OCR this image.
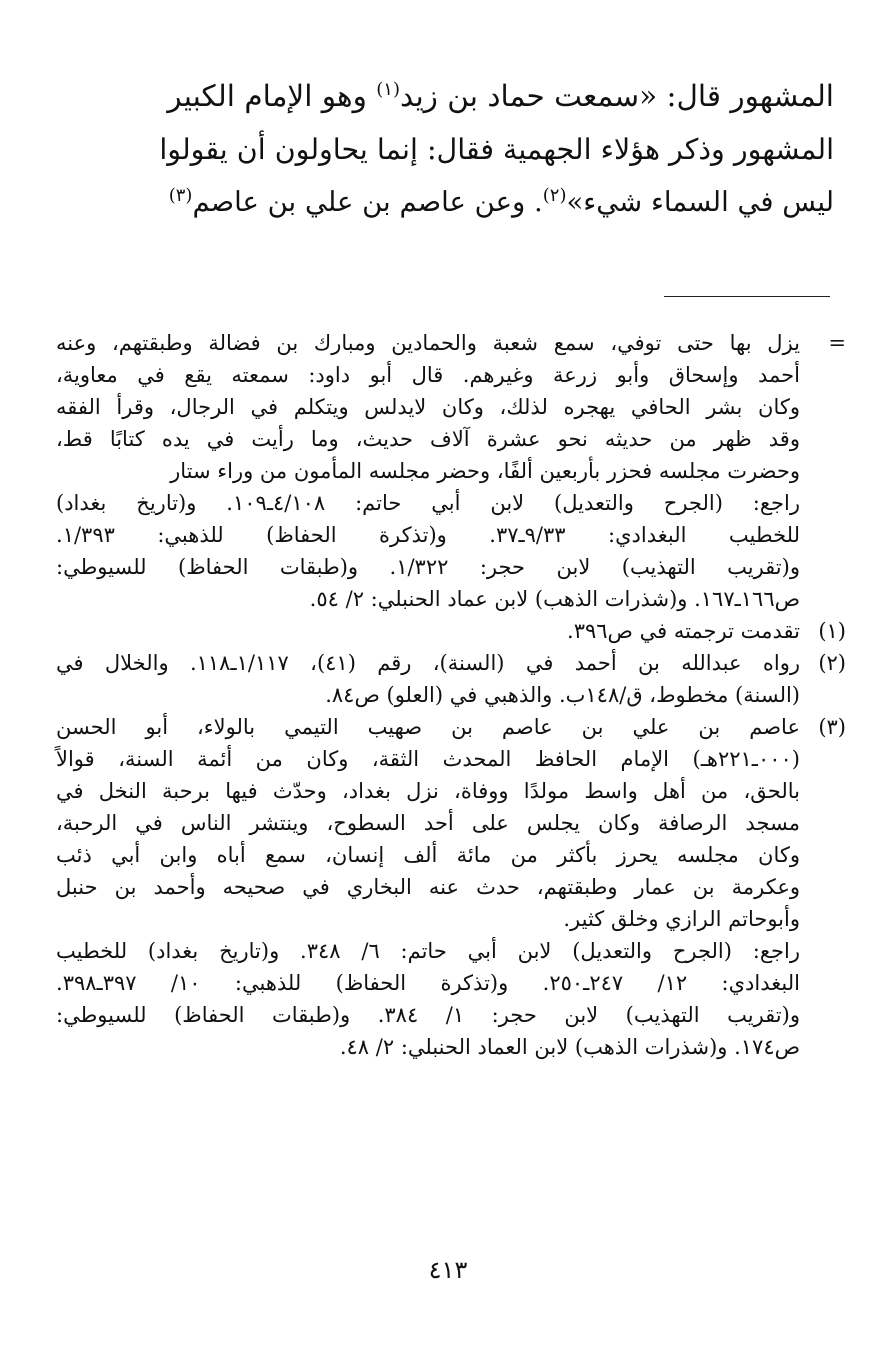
المشهور قال: «سمعت حماد بن زيد$^{(١)}$ وهو الإمام الكبير
المشهور وذكر هؤلاء الجهمية فقال: إنما يحاولون أن يقولوا
ليس في السماء شيء»$^{(٢)}$. وعن عاصم بن علي بن عاصم$^{(٣)}$
=
يزل بها حتى توفي، سمع شعبة والحمادين ومبارك بن فضالة وطبقتهم، وعنه
أحمد وإسحاق وأبو زرعة وغيرهم. قال أبو داود: سمعته يقع في معاوية،
وكان بشر الحافي يهجره لذلك، وكان لايدلس ويتكلم في الرجال، وقرأ الفقه
وقد ظهر من حديثه نحو عشرة آلاف حديث، وما رأيت في يده كتابًا قط،
وحضرت مجلسه فحزر بأربعين ألفًا، وحضر مجلسه المأمون من وراء ستار
راجع: (الجرح والتعديل) لابن أبي حاتم: ٤/١٠٨ـ١٠٩. و(تاريخ بغداد)
للخطيب البغدادي: ٩/٣٣ـ٣٧. و(تذكرة الحفاظ) للذهبي: ١/٣٩٣.
و(تقريب التهذيب) لابن حجر: ١/٣٢٢. و(طبقات الحفاظ) للسيوطي:
ص١٦٦ـ١٦٧. و(شذرات الذهب) لابن عماد الحنبلي: ٢/ ٥٤.
(١)
تقدمت ترجمته في ص٣٩٦.
(٢)
رواه عبدالله بن أحمد في (السنة)، رقم (٤١)، ١/١١٧ـ١١٨. والخلال في
(السنة) مخطوط، ق/١٤٨ب. والذهبي في (العلو) ص٨٤.
(٣)
عاصم بن علي بن عاصم بن صهيب التيمي بالولاء، أبو الحسن
(٠٠٠ـ٢٢١هـ) الإمام الحافظ المحدث الثقة، وكان من أئمة السنة، قوالاً
بالحق، من أهل واسط مولدًا ووفاة، نزل بغداد، وحدّث فيها برحبة النخل في
مسجد الرصافة وكان يجلس على أحد السطوح، وينتشر الناس في الرحبة،
وكان مجلسه يحرز بأكثر من مائة ألف إنسان، سمع أباه وابن أبي ذئب
وعكرمة بن عمار وطبقتهم، حدث عنه البخاري في صحيحه وأحمد بن حنبل
وأبوحاتم الرازي وخلق كثير.
راجع: (الجرح والتعديل) لابن أبي حاتم: ٦/ ٣٤٨. و(تاريخ بغداد) للخطيب
البغدادي: ١٢/ ٢٤٧ـ٢٥٠. و(تذكرة الحفاظ) للذهبي: ١٠/ ٣٩٧ـ٣٩٨.
و(تقريب التهذيب) لابن حجر: ١/ ٣٨٤. و(طبقات الحفاظ) للسيوطي:
ص١٧٤. و(شذرات الذهب) لابن العماد الحنبلي: ٢/ ٤٨.
٤١٣
